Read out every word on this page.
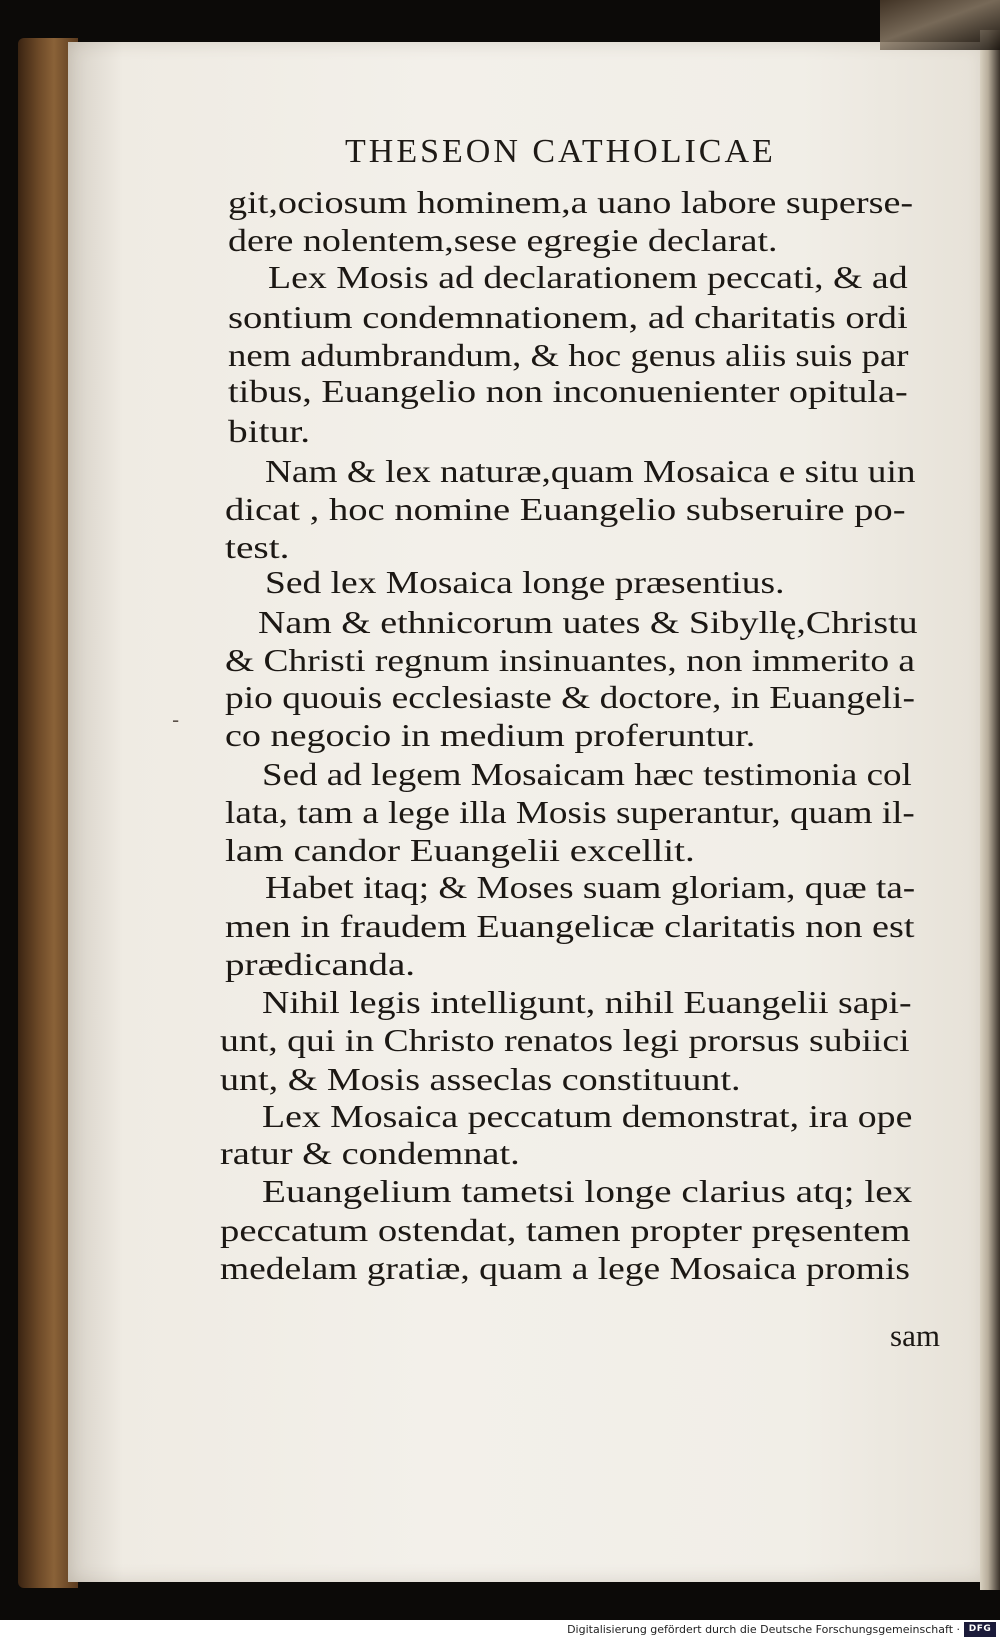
THESEON CATHOLICAE
git,ociosum hominem,a uano labore superse-
dere nolentem,sese egregie declarat.
Lex Mosis ad declarationem peccati, & ad
sontium condemnationem, ad charitatis ordi
nem adumbrandum, & hoc genus aliis suis par
tibus, Euangelio non inconuenienter opitula-
bitur.
Nam & lex naturæ,quam Mosaica e situ uin
dicat , hoc nomine Euangelio subseruire po-
test.
Sed lex Mosaica longe præsentius.
Nam & ethnicorum uates & Sibyllę,Christu
& Christi regnum insinuantes, non immerito a
pio quouis ecclesiaste & doctore, in Euangeli-
co negocio in medium proferuntur.
Sed ad legem Mosaicam hæc testimonia col
lata, tam a lege illa Mosis superantur, quam il-
lam candor Euangelii excellit.
Habet itaq; & Moses suam gloriam, quæ ta-
men in fraudem Euangelicæ claritatis non est
prædicanda.
Nihil legis intelligunt, nihil Euangelii sapi-
unt, qui in Christo renatos legi prorsus subiici
unt, & Mosis asseclas constituunt.
Lex Mosaica peccatum demonstrat, ira ope
ratur & condemnat.
Euangelium tametsi longe clarius atq; lex
peccatum ostendat, tamen propter pręsentem
medelam gratiæ, quam a lege Mosaica promis
-
sam
Digitalisierung gefördert durch die Deutsche Forschungsgemeinschaft · DFG
